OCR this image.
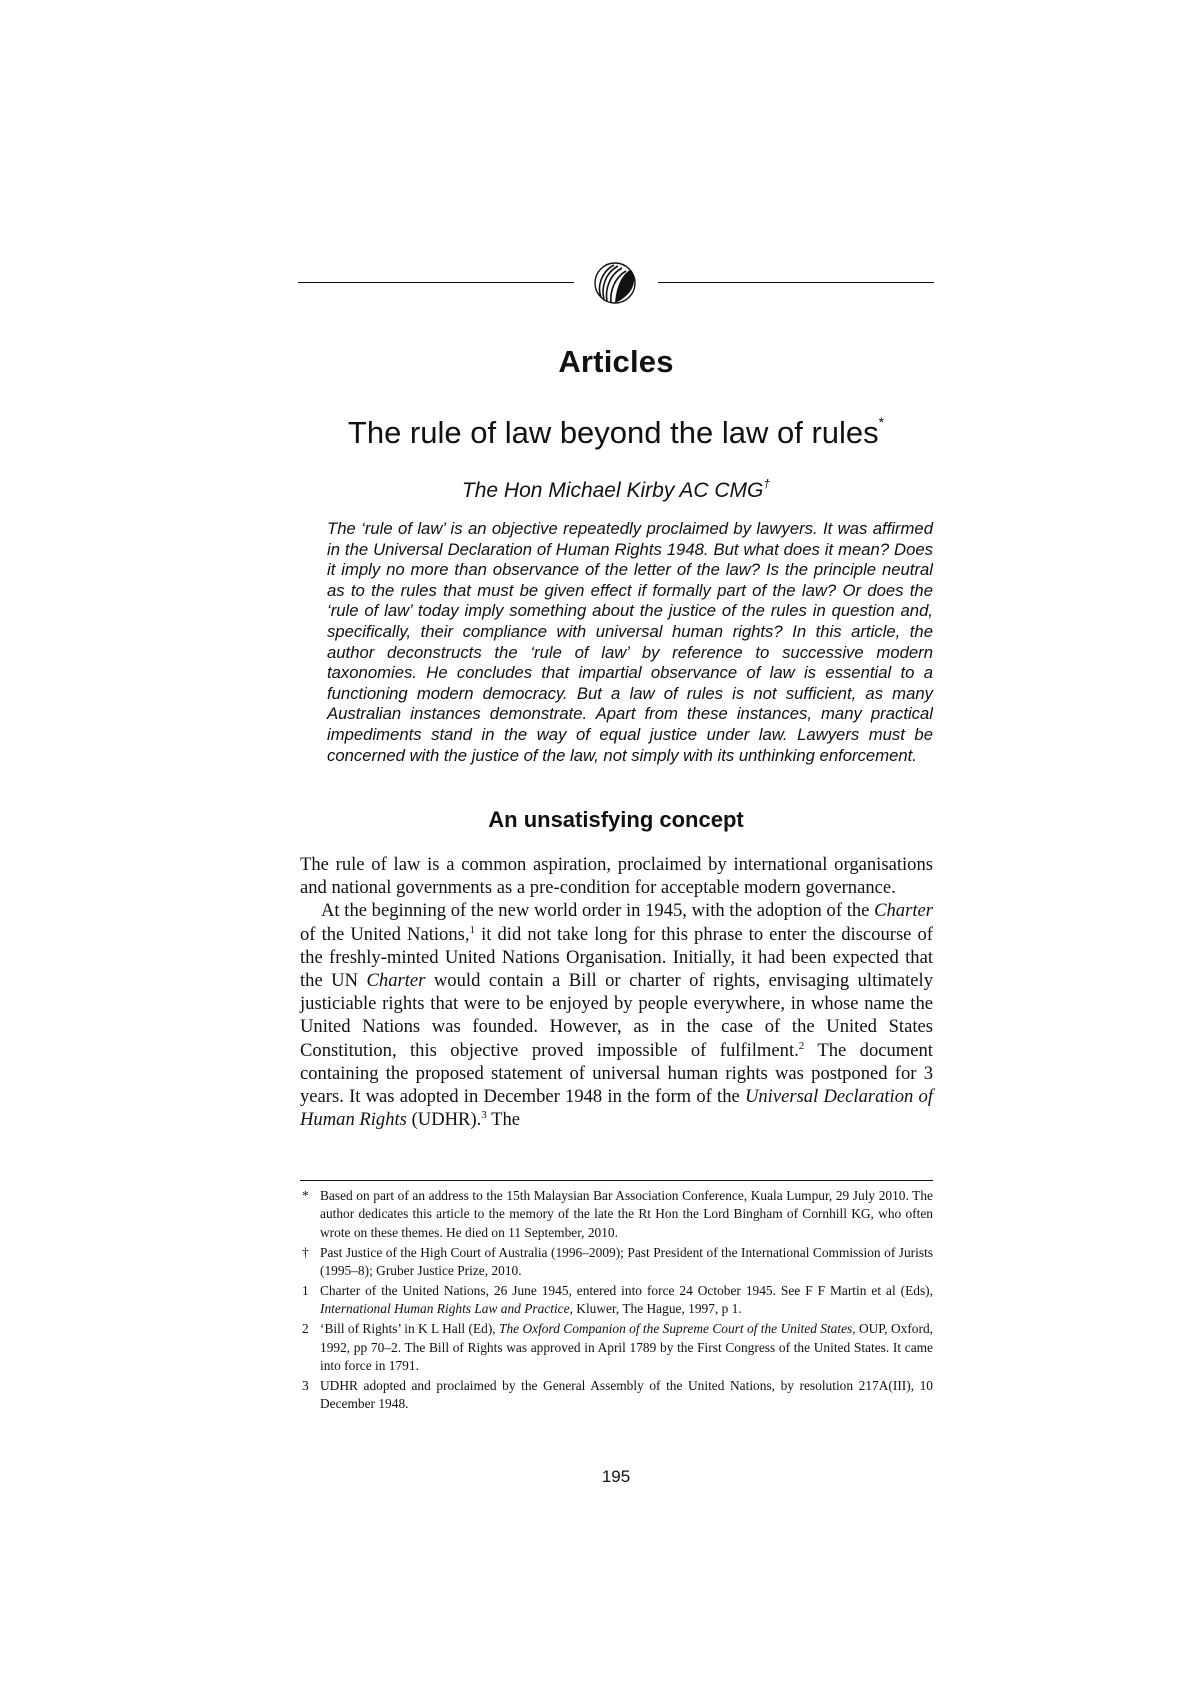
Articles
The rule of law beyond the law of rules*

The Hon Michael Kirby AC CMG†

The ‘rule of law’ is an objective repeatedly proclaimed by lawyers. It was affirmed in the Universal Declaration of Human Rights 1948. But what does it mean? Does it imply no more than observance of the letter of the law? Is the principle neutral as to the rules that must be given effect if formally part of the law? Or does the ‘rule of law’ today imply something about the justice of the rules in question and, specifically, their compliance with universal human rights? In this article, the author deconstructs the ‘rule of law’ by reference to successive modern taxonomies. He concludes that impartial observance of law is essential to a functioning modern democracy. But a law of rules is not sufficient, as many Australian instances demonstrate. Apart from these instances, many practical impediments stand in the way of equal justice under law. Lawyers must be concerned with the justice of the law, not simply with its unthinking enforcement.

An unsatisfying concept

The rule of law is a common aspiration, proclaimed by international organisations and national governments as a pre-condition for acceptable modern governance.

At the beginning of the new world order in 1945, with the adoption of the Charter of the United Nations,$^1$ it did not take long for this phrase to enter the discourse of the freshly-minted United Nations Organisation. Initially, it had been expected that the UN Charter would contain a Bill or charter of rights, envisaging ultimately justiciable rights that were to be enjoyed by people everywhere, in whose name the United Nations was founded. However, as in the case of the United States Constitution, this objective proved impossible of fulfilment.$^2$ The document containing the proposed statement of universal human rights was postponed for 3 years. It was adopted in December 1948 in the form of the Universal Declaration of Human Rights (UDHR).$^3$ The

* Based on part of an address to the 15th Malaysian Bar Association Conference, Kuala Lumpur, 29 July 2010. The author dedicates this article to the memory of the late the Rt Hon the Lord Bingham of Cornhill KG, who often wrote on these themes. He died on 11 September, 2010.

† Past Justice of the High Court of Australia (1996–2009); Past President of the International Commission of Jurists (1995–8); Gruber Justice Prize, 2010.

1 Charter of the United Nations, 26 June 1945, entered into force 24 October 1945. See F F Martin et al (Eds), International Human Rights Law and Practice, Kluwer, The Hague, 1997, p 1.

2 ‘Bill of Rights’ in K L Hall (Ed), The Oxford Companion of the Supreme Court of the United States, OUP, Oxford, 1992, pp 70–2. The Bill of Rights was approved in April 1789 by the First Congress of the United States. It came into force in 1791.

3 UDHR adopted and proclaimed by the General Assembly of the United Nations, by resolution 217A(III), 10 December 1948.

195
